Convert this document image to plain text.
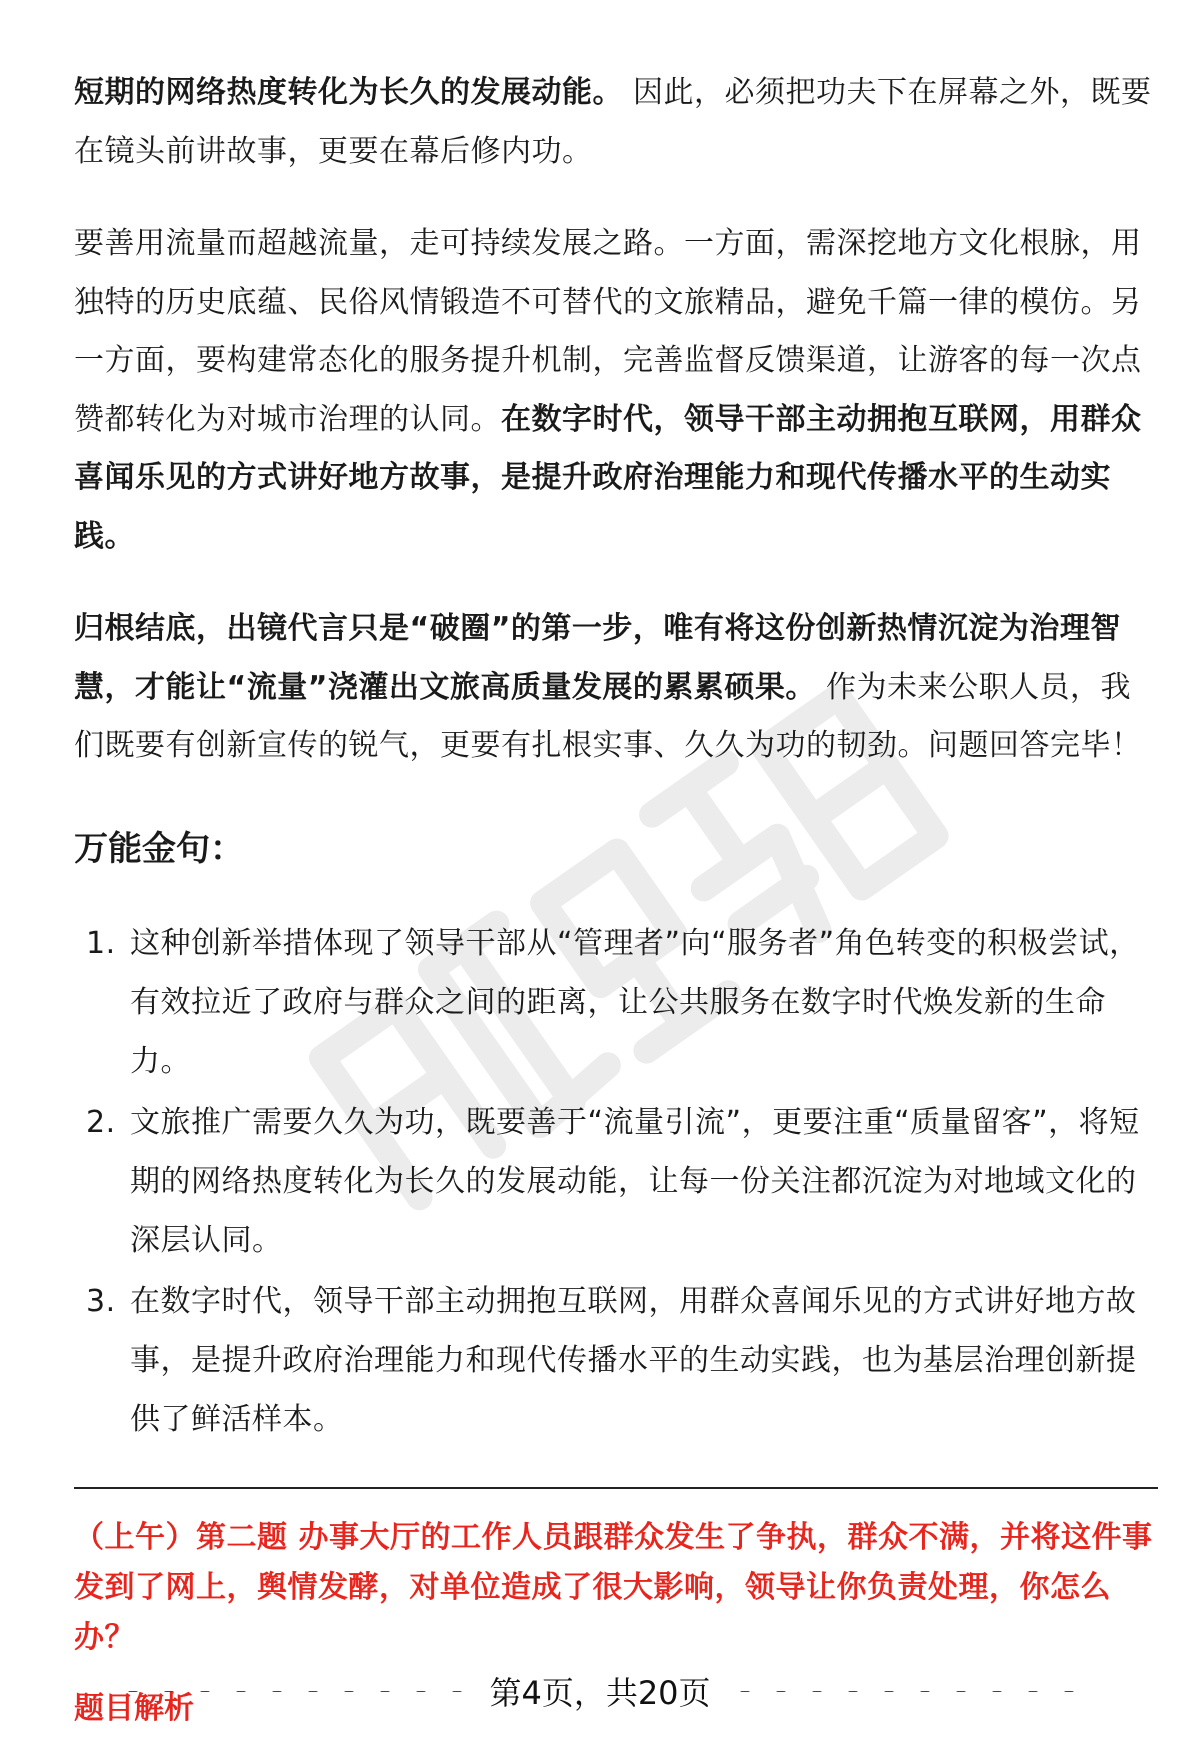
短期的网络热度转化为长久的发展动能。 因此，必须把功夫下在屏幕之外，既要在镜头前讲故事，更要在幕后修内功。

要善用流量而超越流量，走可持续发展之路。一方面，需深挖地方文化根脉，用独特的历史底蕴、民俗风情锻造不可替代的文旅精品，避免千篇一律的模仿。另一方面，要构建常态化的服务提升机制，完善监督反馈渠道，让游客的每一次点赞都转化为对城市治理的认同。在数字时代，领导干部主动拥抱互联网，用群众喜闻乐见的方式讲好地方故事，是提升政府治理能力和现代传播水平的生动实践。

归根结底，出镜代言只是“破圈”的第一步，唯有将这份创新热情沉淀为治理智慧，才能让“流量”浇灌出文旅高质量发展的累累硕果。 作为未来公职人员，我们既要有创新宣传的锐气，更要有扎根实事、久久为功的韧劲。问题回答完毕！

万能金句：
1. 这种创新举措体现了领导干部从“管理者”向“服务者”角色转变的积极尝试，有效拉近了政府与群众之间的距离，让公共服务在数字时代焕发新的生命力。
2. 文旅推广需要久久为功，既要善于“流量引流”，更要注重“质量留客”，将短期的网络热度转化为长久的发展动能，让每一份关注都沉淀为对地域文化的深层认同。
3. 在数字时代，领导干部主动拥抱互联网，用群众喜闻乐见的方式讲好地方故事，是提升政府治理能力和现代传播水平的生动实践，也为基层治理创新提供了鲜活样本。

（上午）第二题 办事大厅的工作人员跟群众发生了争执，群众不满，并将这件事发到了网上，舆情发酵，对单位造成了很大影响，领导让你负责处理，你怎么办？

题目解析	第4页，共20页
